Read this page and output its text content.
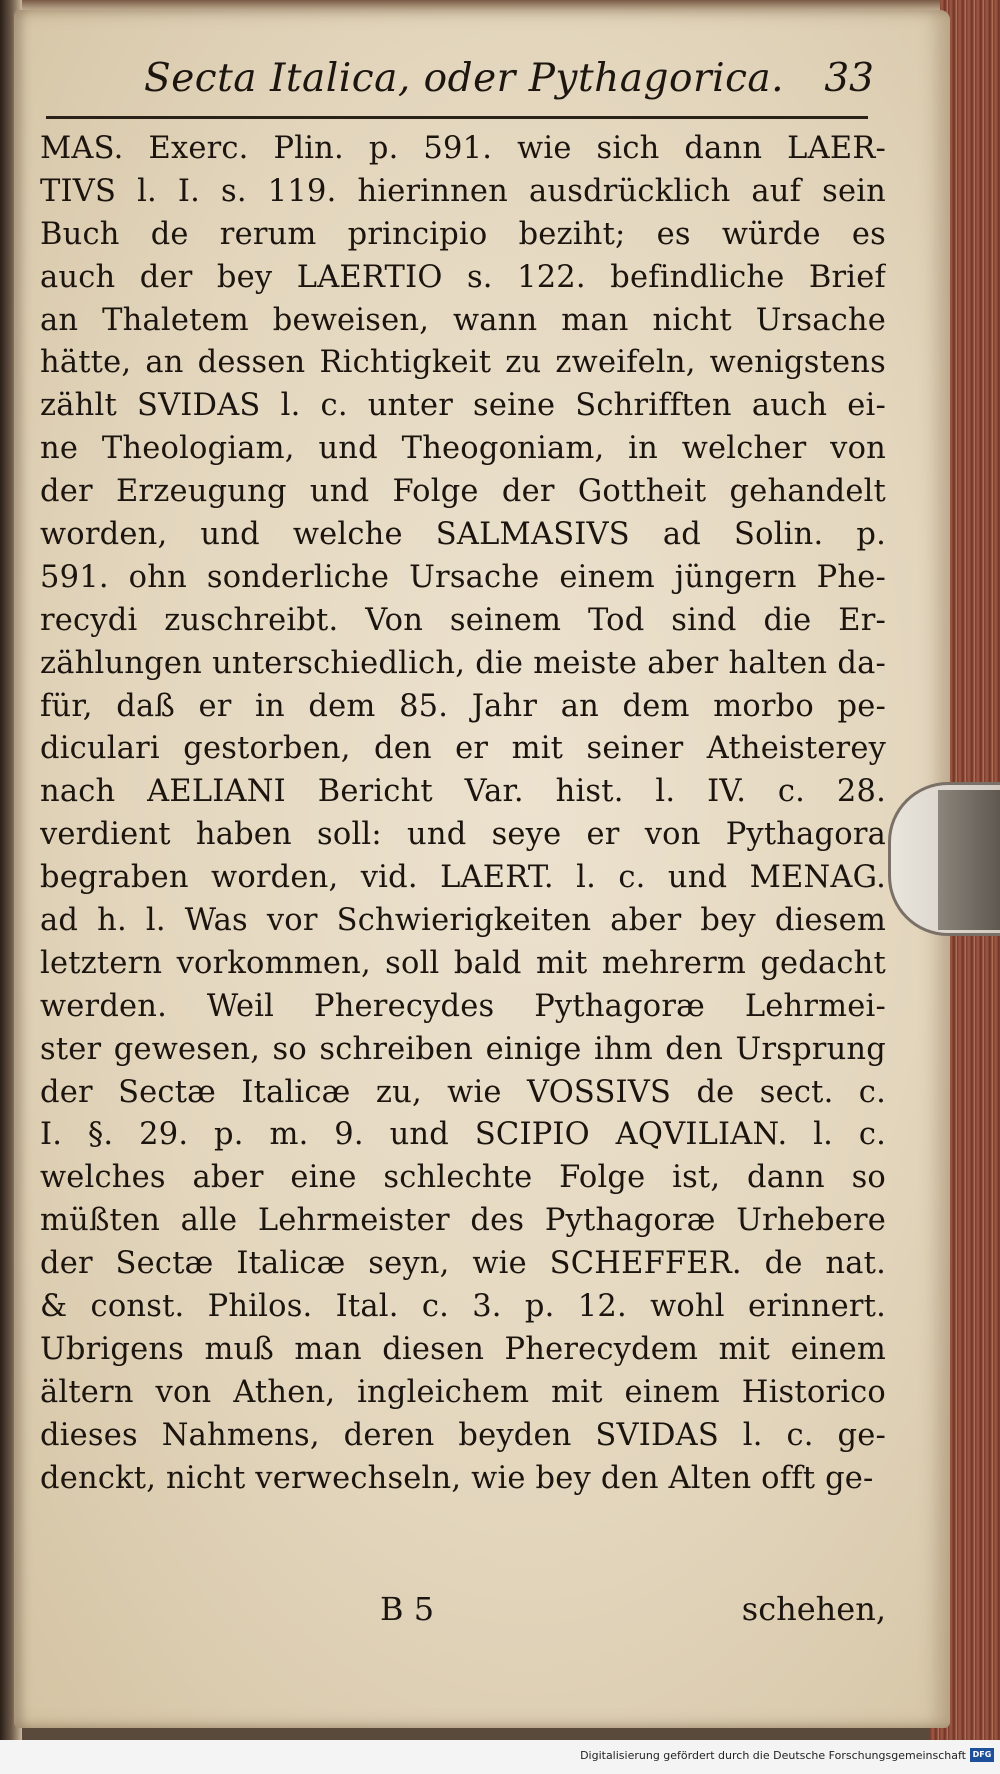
Secta Italica, oder Pythagorica. 33
MAS. Exerc. Plin. p. 591. wie sich dann LAER-
TIVS l. I. s. 119. hierinnen ausdrücklich auf sein
Buch de rerum principio beziht; es würde es
auch der bey LAERTIO s. 122. befindliche Brief
an Thaletem beweisen, wann man nicht Ursache
hätte, an dessen Richtigkeit zu zweifeln, wenigstens
zählt SVIDAS l. c. unter seine Schrifften auch ei-
ne Theologiam, und Theogoniam, in welcher von
der Erzeugung und Folge der Gottheit gehandelt
worden, und welche SALMASIVS ad Solin. p.
591. ohn sonderliche Ursache einem jüngern Phe-
recydi zuschreibt. Von seinem Tod sind die Er-
zählungen unterschiedlich, die meiste aber halten da-
für, daß er in dem 85. Jahr an dem morbo pe-
diculari gestorben, den er mit seiner Atheisterey
nach AELIANI Bericht Var. hist. l. IV. c. 28.
verdient haben soll: und seye er von Pythagora
begraben worden, vid. LAERT. l. c. und MENAG.
ad h. l. Was vor Schwierigkeiten aber bey diesem
letztern vorkommen, soll bald mit mehrerm gedacht
werden. Weil Pherecydes Pythagoræ Lehrmei-
ster gewesen, so schreiben einige ihm den Ursprung
der Sectæ Italicæ zu, wie VOSSIVS de sect. c.
I. §. 29. p. m. 9. und SCIPIO AQVILIAN. l. c.
welches aber eine schlechte Folge ist, dann so
müßten alle Lehrmeister des Pythagoræ Urhebere
der Sectæ Italicæ seyn, wie SCHEFFER. de nat.
& const. Philos. Ital. c. 3. p. 12. wohl erinnert.
Ubrigens muß man diesen Pherecydem mit einem
ältern von Athen, ingleichem mit einem Historico
dieses Nahmens, deren beyden SVIDAS l. c. ge-
denckt, nicht verwechseln, wie bey den Alten offt ge-
B 5	schehen,
Digitalisierung gefördert durch die Deutsche Forschungsgemeinschaft DFG
